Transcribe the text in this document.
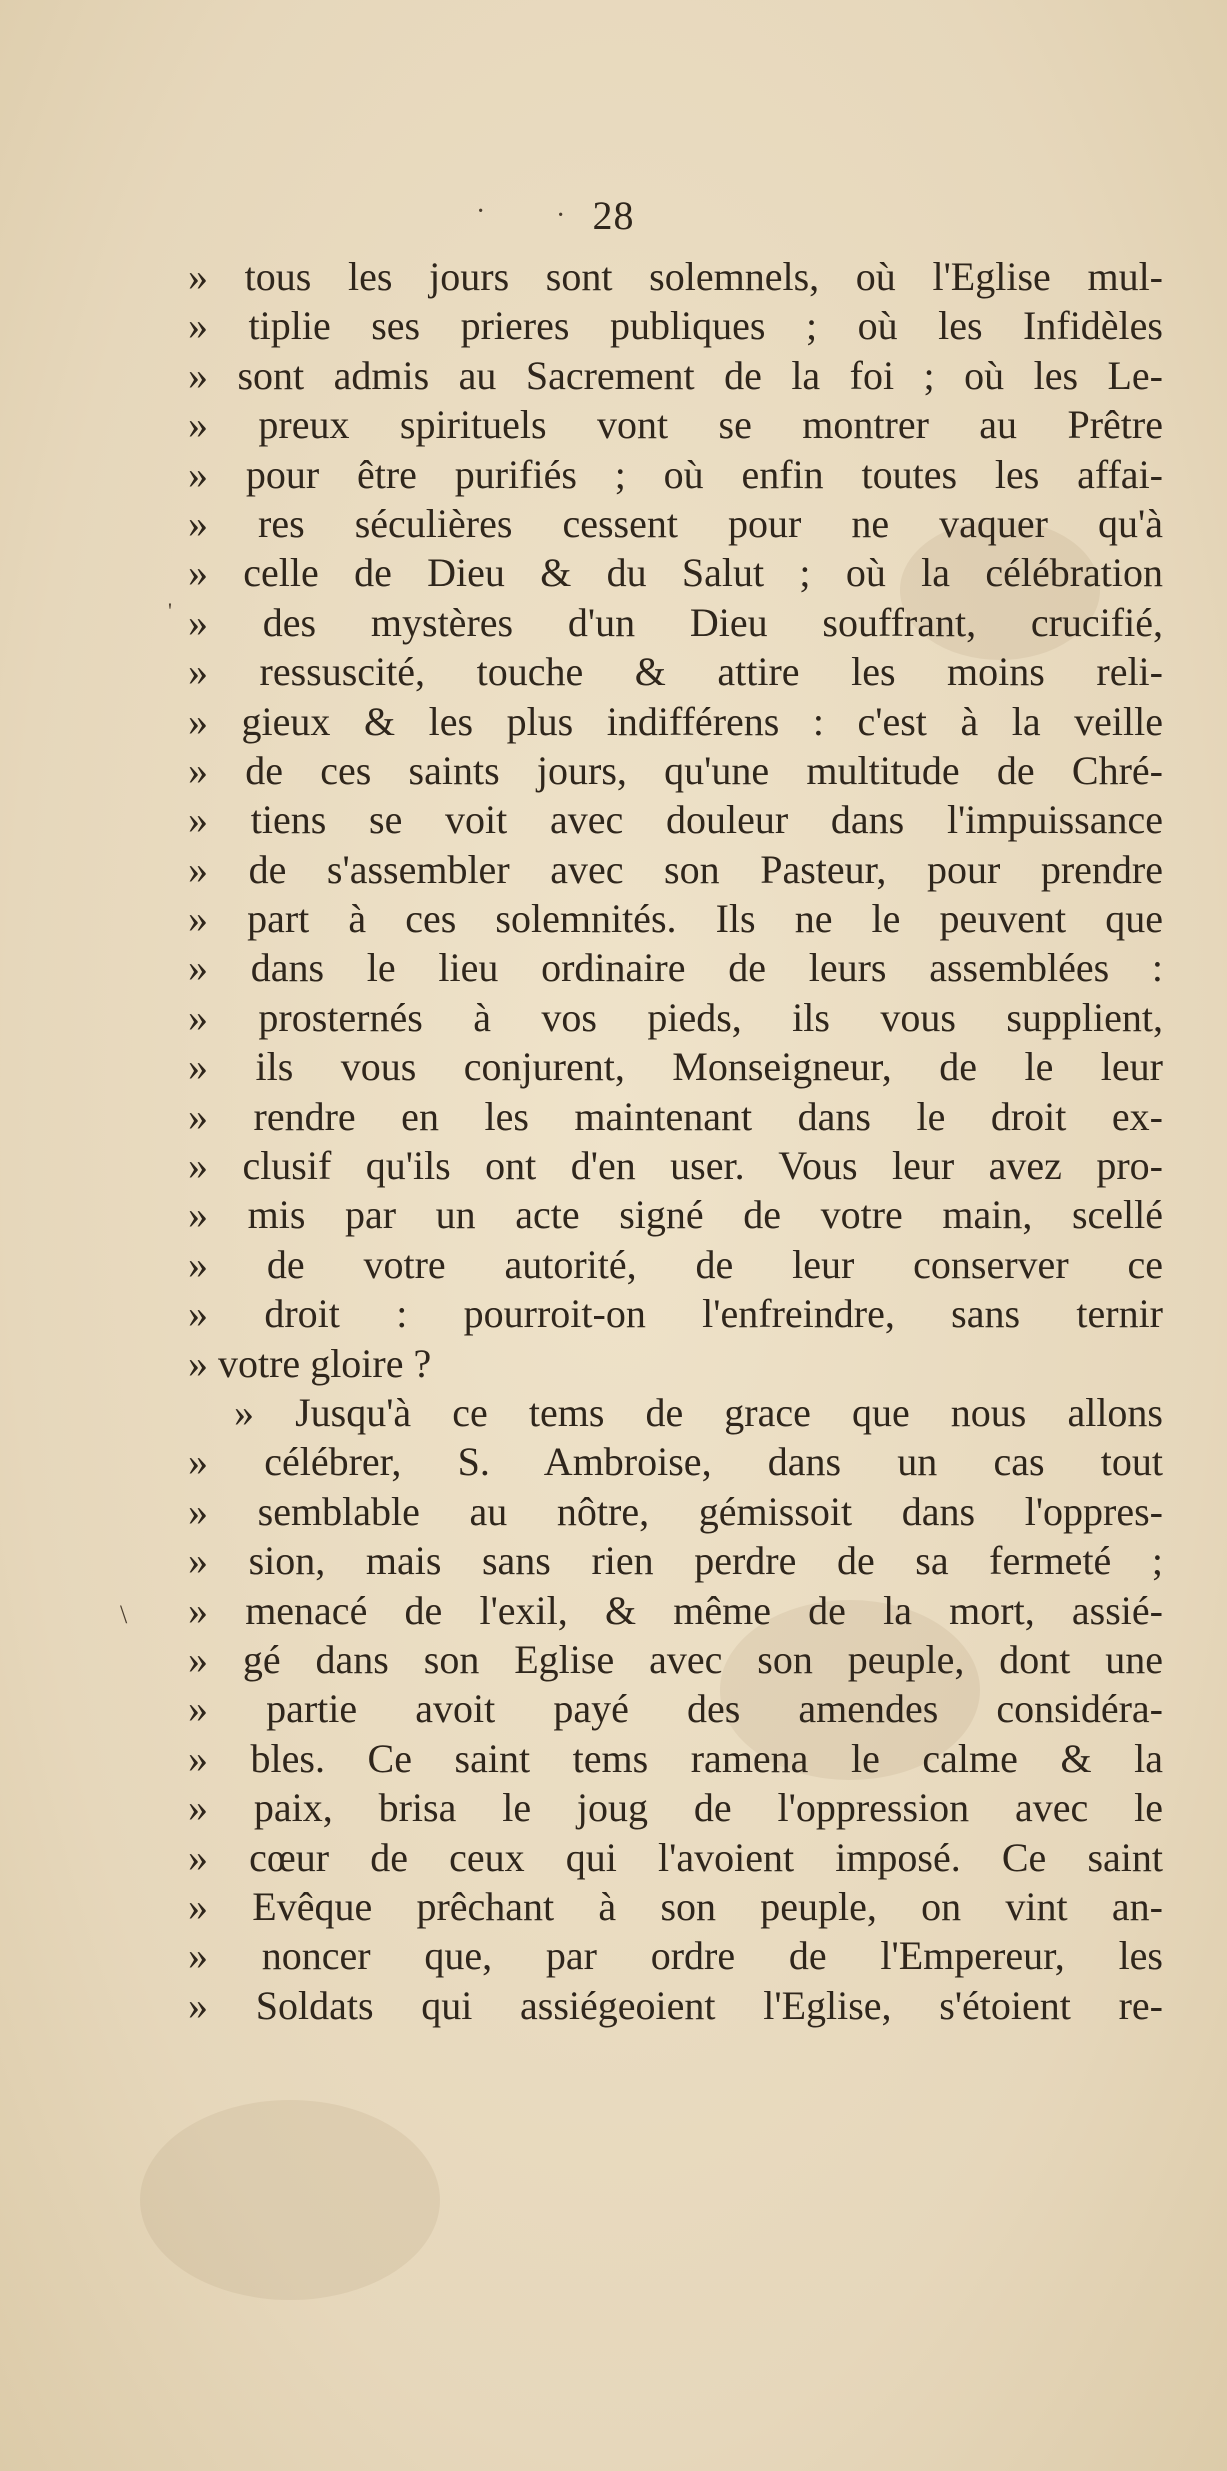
'
\
·	· 28
» tous les jours sont solemnels, où l'Eglise mul-
» tiplie ses prieres publiques ; où les Infidèles
» sont admis au Sacrement de la foi ; où les Le-
» preux spirituels vont se montrer au Prêtre
» pour être purifiés ; où enfin toutes les affai-
» res séculières cessent pour ne vaquer qu'à
» celle de Dieu & du Salut ; où la célébration
» des mystères d'un Dieu souffrant, crucifié,
» ressuscité, touche & attire les moins reli-
» gieux & les plus indifférens : c'est à la veille
» de ces saints jours, qu'une multitude de Chré-
» tiens se voit avec douleur dans l'impuissance
» de s'assembler avec son Pasteur, pour prendre
» part à ces solemnités. Ils ne le peuvent que
» dans le lieu ordinaire de leurs assemblées :
» prosternés à vos pieds, ils vous supplient,
» ils vous conjurent, Monseigneur, de le leur
» rendre en les maintenant dans le droit ex-
» clusif qu'ils ont d'en user. Vous leur avez pro-
» mis par un acte signé de votre main, scellé
» de votre autorité, de leur conserver ce
» droit : pourroit-on l'enfreindre, sans ternir
» votre gloire ?
» Jusqu'à ce tems de grace que nous allons
» célébrer, S. Ambroise, dans un cas tout
» semblable au nôtre, gémissoit dans l'oppres-
» sion, mais sans rien perdre de sa fermeté ;
» menacé de l'exil, & même de la mort, assié-
» gé dans son Eglise avec son peuple, dont une
» partie avoit payé des amendes considéra-
» bles. Ce saint tems ramena le calme & la
» paix, brisa le joug de l'oppression avec le
» cœur de ceux qui l'avoient imposé. Ce saint
» Evêque prêchant à son peuple, on vint an-
» noncer que, par ordre de l'Empereur, les
» Soldats qui assiégeoient l'Eglise, s'étoient re-
